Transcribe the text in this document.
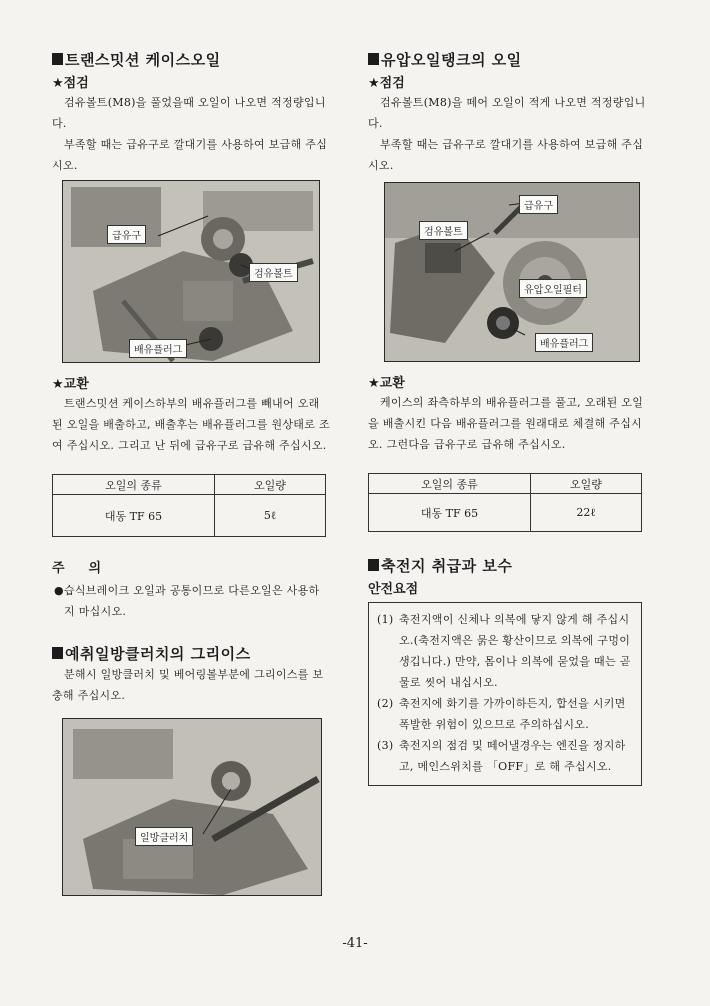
트랜스밋션 케이스오일
★점검

검유볼트(M8)을 풀었을때 오일이 나오면 적정량입니다.

부족할 때는 급유구로 깔대기를 사용하여 보급해 주십시오.

급유구
검유볼트
배유플러그
★교환

트랜스밋션 케이스하부의 배유플러그를 빼내어 오래된 오일을 배출하고, 배출후는 배유플러그를 원상태로 조여 주십시오. 그리고 난 뒤에 급유구로 급유해 주십시오.

오일의 종류	오일량
대동 TF 65	5ℓ
주의

●습식브레이크 오일과 공통이므로 다른오일은 사용하지 마십시오.

예취일방클러치의 그리이스

분해시 일방클러치 및 베어링볼부분에 그리이스를 보충해 주십시오.

일방클러치
유압오일탱크의 오일
★점검

검유볼트(M8)을 떼어 오일이 적게 나오면 적정량입니다.

부족할 때는 급유구로 깔대기를 사용하여 보급해 주십시오.

급유구
검유볼트
유압오일필터
배유플러그
★교환

케이스의 좌측하부의 배유플러그를 풀고, 오래된 오일을 배출시킨 다음 배유플러그를 원래대로 체결해 주십시오. 그런다음 급유구로 급유해 주십시오.

오일의 종류	오일량
대동 TF 65	22ℓ
축전지 취급과 보수
안전요점
(1) 축전지액이 신체나 의복에 닿지 않게 해 주십시오.(축전지액은 묽은 황산이므로 의복에 구멍이 생깁니다.) 만약, 몸이나 의복에 묻었을 때는 곧 물로 씻어 내십시오.
(2) 축전지에 화기를 가까이하든지, 합선을 시키면 폭발한 위험이 있으므로 주의하십시오.
(3) 축전지의 점검 및 떼어낼경우는 엔진을 정지하고, 메인스위치를 「OFF」로 해 주십시오.
-41-
